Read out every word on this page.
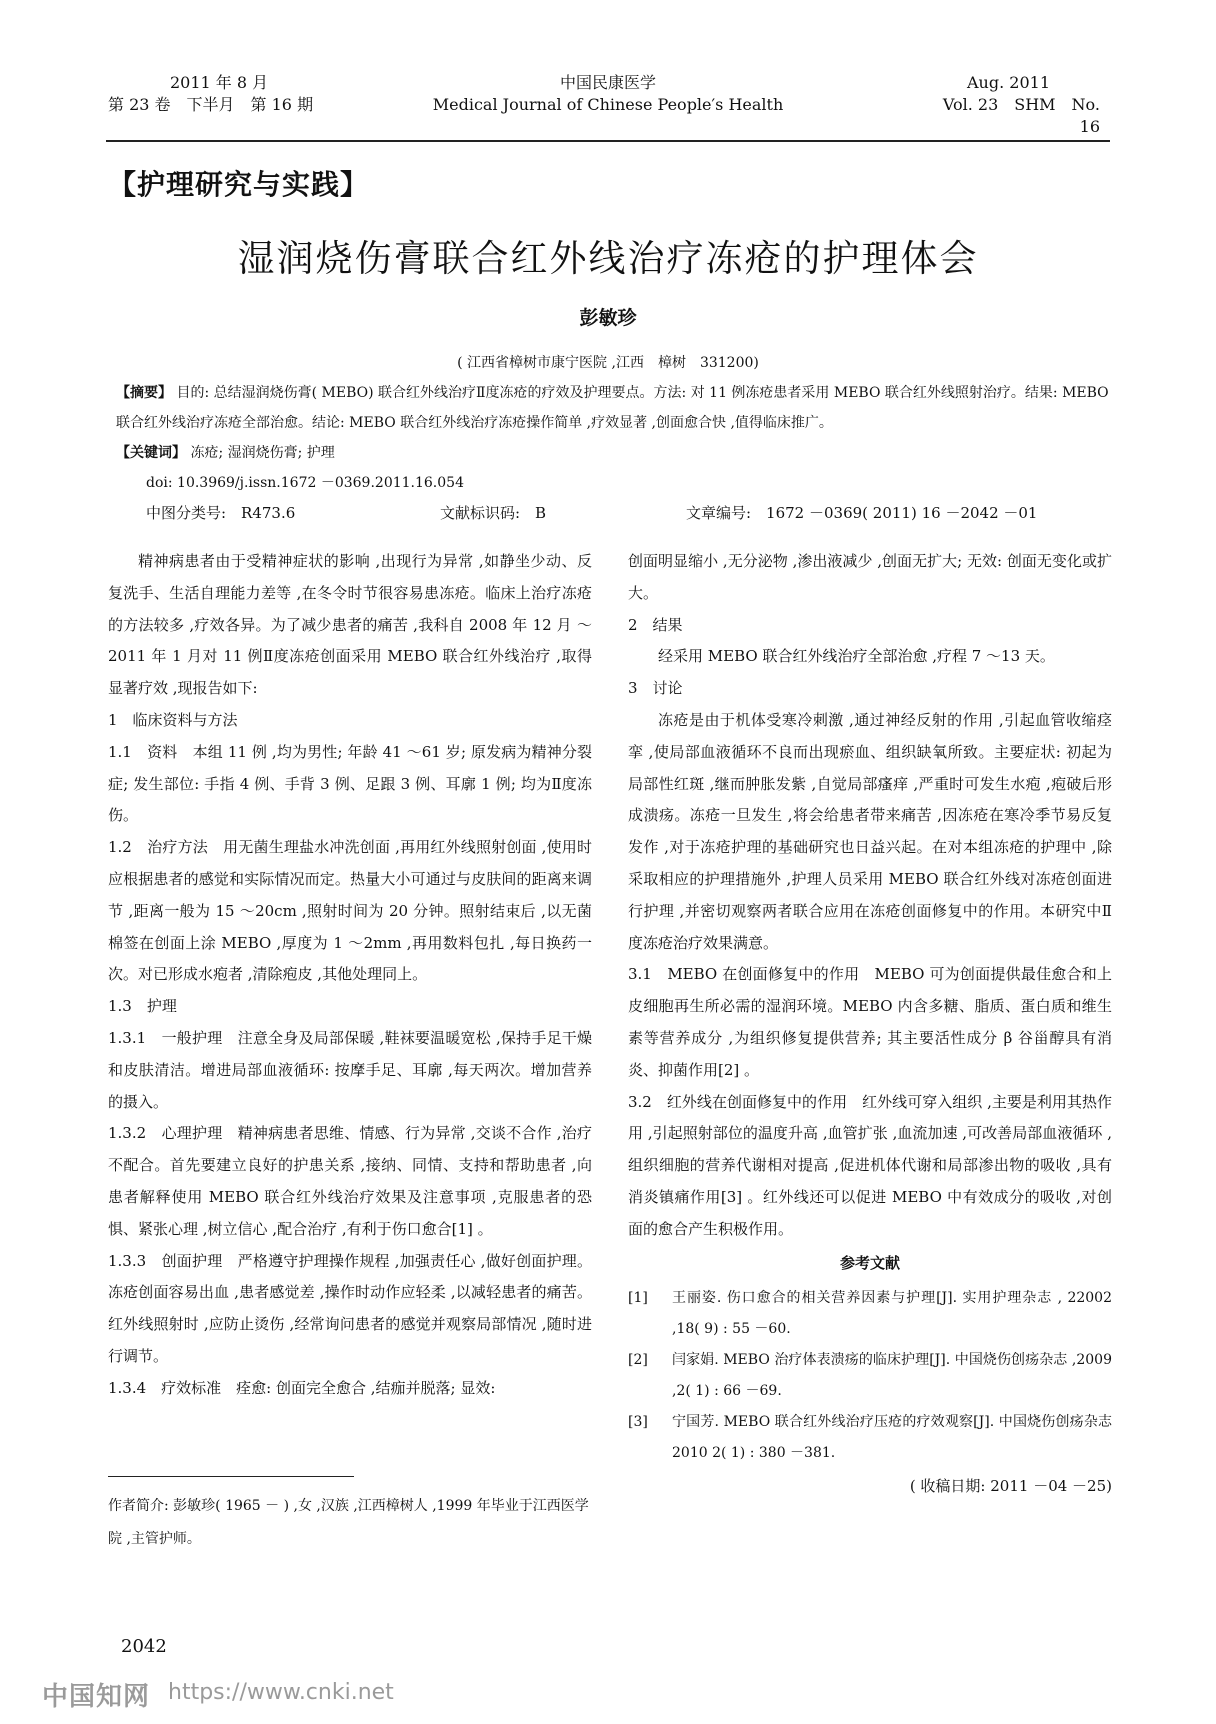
2011 年 8 月
第 23 卷　下半月　第 16 期
中国民康医学
Medical Journal of Chinese People′s Health
Aug. 2011
Vol. 23　SHM　No. 16
【护理研究与实践】
湿润烧伤膏联合红外线治疗冻疮的护理体会
彭敏珍
( 江西省樟树市康宁医院 ,江西　樟树　331200)
【摘要】 目的: 总结湿润烧伤膏( MEBO) 联合红外线治疗Ⅱ度冻疮的疗效及护理要点。方法: 对 11 例冻疮患者采用 MEBO 联合红外线照射治疗。结果: MEBO 联合红外线治疗冻疮全部治愈。结论: MEBO 联合红外线治疗冻疮操作简单 ,疗效显著 ,创面愈合快 ,值得临床推广。
【关键词】 冻疮; 湿润烧伤膏; 护理
doi: 10.3969/j.issn.1672 －0369.2011.16.054
中图分类号:　R473.6	文献标识码:　B	文章编号:　1672 －0369( 2011) 16 －2042 －01

精神病患者由于受精神症状的影响 ,出现行为异常 ,如静坐少动、反复洗手、生活自理能力差等 ,在冬令时节很容易患冻疮。临床上治疗冻疮的方法较多 ,疗效各异。为了减少患者的痛苦 ,我科自 2008 年 12 月 ～2011 年 1 月对 11 例Ⅱ度冻疮创面采用 MEBO 联合红外线治疗 ,取得显著疗效 ,现报告如下:

1　临床资料与方法

1.1　资料　本组 11 例 ,均为男性; 年龄 41 ～61 岁; 原发病为精神分裂症; 发生部位: 手指 4 例、手背 3 例、足跟 3 例、耳廓 1 例; 均为Ⅱ度冻伤。

1.2　治疗方法　用无菌生理盐水冲洗创面 ,再用红外线照射创面 ,使用时应根据患者的感觉和实际情况而定。热量大小可通过与皮肤间的距离来调节 ,距离一般为 15 ～20cm ,照射时间为 20 分钟。照射结束后 ,以无菌棉签在创面上涂 MEBO ,厚度为 1 ～2mm ,再用数料包扎 ,每日换药一次。对已形成水疱者 ,清除疱皮 ,其他处理同上。

1.3　护理

1.3.1　一般护理　注意全身及局部保暖 ,鞋袜要温暖宽松 ,保持手足干燥和皮肤清洁。增进局部血液循环: 按摩手足、耳廓 ,每天两次。增加营养的摄入。

1.3.2　心理护理　精神病患者思维、情感、行为异常 ,交谈不合作 ,治疗不配合。首先要建立良好的护患关系 ,接纳、同情、支持和帮助患者 ,向患者解释使用 MEBO 联合红外线治疗效果及注意事项 ,克服患者的恐惧、紧张心理 ,树立信心 ,配合治疗 ,有利于伤口愈合[1] 。

1.3.3　创面护理　严格遵守护理操作规程 ,加强责任心 ,做好创面护理。冻疮创面容易出血 ,患者感觉差 ,操作时动作应轻柔 ,以减轻患者的痛苦。红外线照射时 ,应防止烫伤 ,经常询问患者的感觉并观察局部情况 ,随时进行调节。

1.3.4　疗效标准　痊愈: 创面完全愈合 ,结痂并脱落; 显效:

创面明显缩小 ,无分泌物 ,渗出液减少 ,创面无扩大; 无效: 创面无变化或扩大。

2　结果

经采用 MEBO 联合红外线治疗全部治愈 ,疗程 7 ～13 天。

3　讨论

冻疮是由于机体受寒冷刺激 ,通过神经反射的作用 ,引起血管收缩痉挛 ,使局部血液循环不良而出现瘀血、组织缺氧所致。主要症状: 初起为局部性红斑 ,继而肿胀发紫 ,自觉局部瘙痒 ,严重时可发生水疱 ,疱破后形成溃疡。冻疮一旦发生 ,将会给患者带来痛苦 ,因冻疮在寒冷季节易反复发作 ,对于冻疮护理的基础研究也日益兴起。在对本组冻疮的护理中 ,除采取相应的护理措施外 ,护理人员采用 MEBO 联合红外线对冻疮创面进行护理 ,并密切观察两者联合应用在冻疮创面修复中的作用。本研究中Ⅱ度冻疮治疗效果满意。

3.1　MEBO 在创面修复中的作用　MEBO 可为创面提供最佳愈合和上皮细胞再生所必需的湿润环境。MEBO 内含多糖、脂质、蛋白质和维生素等营养成分 ,为组织修复提供营养; 其主要活性成分 β 谷甾醇具有消炎、抑菌作用[2] 。

3.2　红外线在创面修复中的作用　红外线可穿入组织 ,主要是利用其热作用 ,引起照射部位的温度升高 ,血管扩张 ,血流加速 ,可改善局部血液循环 ,组织细胞的营养代谢相对提高 ,促进机体代谢和局部渗出物的吸收 ,具有消炎镇痛作用[3] 。红外线还可以促进 MEBO 中有效成分的吸收 ,对创面的愈合产生积极作用。

参考文献
[1]	王丽姿. 伤口愈合的相关营养因素与护理[J]. 实用护理杂志 , 22002 ,18( 9) : 55 －60.
[2]	闫家娟. MEBO 治疗体表溃疡的临床护理[J]. 中国烧伤创疡杂志 ,2009 ,2( 1) : 66 －69.
[3]	宁国芳. MEBO 联合红外线治疗压疮的疗效观察[J]. 中国烧伤创疡杂志 2010 2( 1) : 380 －381.
( 收稿日期: 2011 －04 －25)
作者简介: 彭敏珍( 1965 － ) ,女 ,汉族 ,江西樟树人 ,1999 年毕业于江西医学院 ,主管护师。
2042
中国知网 https://www.cnki.net
